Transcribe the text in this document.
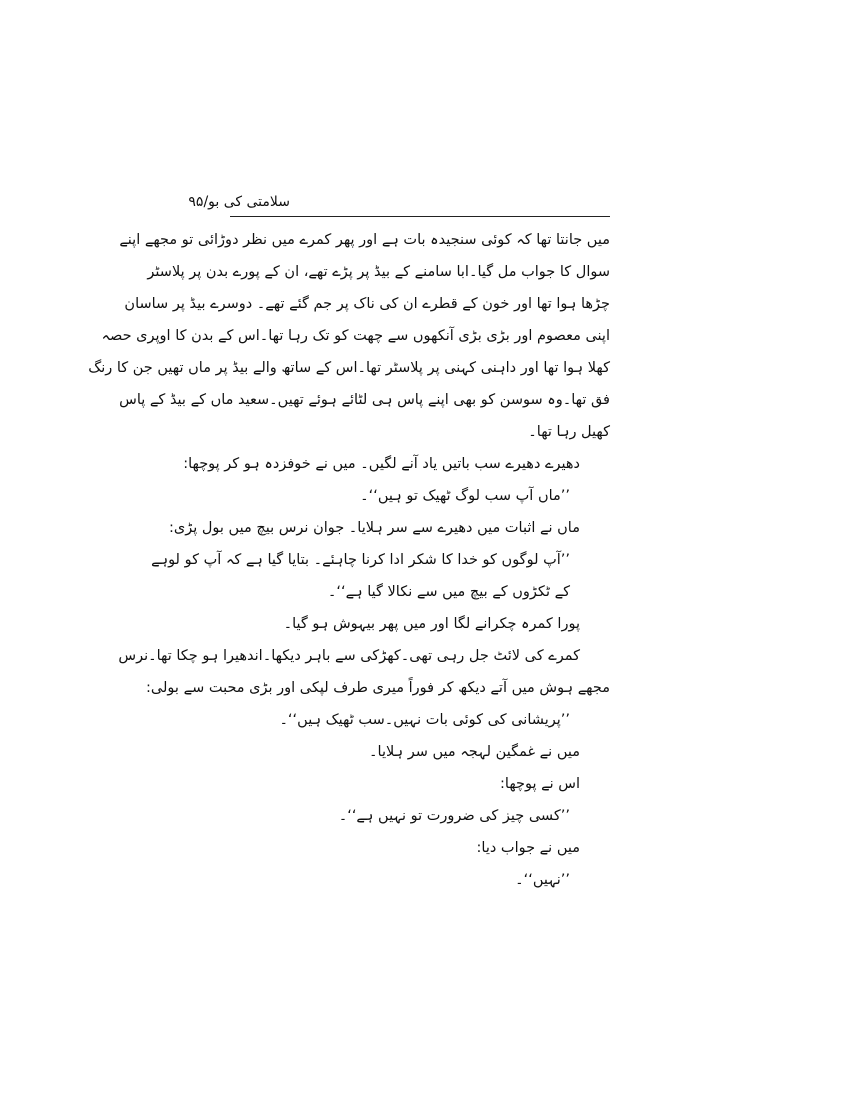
سلامتی کی بو/۹۵
میں جانتا تھا کہ کوئی سنجیدہ بات ہے اور پھر کمرے میں نظر دوڑائی تو مجھے اپنے
سوال کا جواب مل گیا۔ابا سامنے کے بیڈ پر پڑے تھے، ان کے پورے بدن پر پلاسٹر
چڑھا ہوا تھا اور خون کے قطرے ان کی ناک پر جم گئے تھے۔ دوسرے بیڈ پر ساسان
اپنی معصوم اور بڑی بڑی آنکھوں سے چھت کو تک رہا تھا۔اس کے بدن کا اوپری حصہ
کھلا ہوا تھا اور داہنی کہنی پر پلاسٹر تھا۔اس کے ساتھ والے بیڈ پر ماں تھیں جن کا رنگ
فق تھا۔وہ سوسن کو بھی اپنے پاس ہی لٹائے ہوئے تھیں۔سعید ماں کے بیڈ کے پاس
کھیل رہا تھا۔
دھیرے دھیرے سب باتیں یاد آنے لگیں۔ میں نے خوفزدہ ہو کر پوچھا:
’’ماں آپ سب لوگ ٹھیک تو ہیں‘‘۔
ماں نے اثبات میں دھیرے سے سر ہلایا۔ جوان نرس بیچ میں بول پڑی:
’’آپ لوگوں کو خدا کا شکر ادا کرنا چاہئے۔ بتایا گیا ہے کہ آپ کو لوہے
کے ٹکڑوں کے بیچ میں سے نکالا گیا ہے‘‘۔
پورا کمرہ چکرانے لگا اور میں پھر بیہوش ہو گیا۔
کمرے کی لائٹ جل رہی تھی۔کھڑکی سے باہر دیکھا۔اندھیرا ہو چکا تھا۔نرس
مجھے ہوش میں آتے دیکھ کر فوراً میری طرف لپکی اور بڑی محبت سے بولی:
’’پریشانی کی کوئی بات نہیں۔سب ٹھیک ہیں‘‘۔
میں نے غمگین لہجہ میں سر ہلایا۔
اس نے پوچھا:
’’کسی چیز کی ضرورت تو نہیں ہے‘‘۔
میں نے جواب دیا:
’’نہیں‘‘۔
